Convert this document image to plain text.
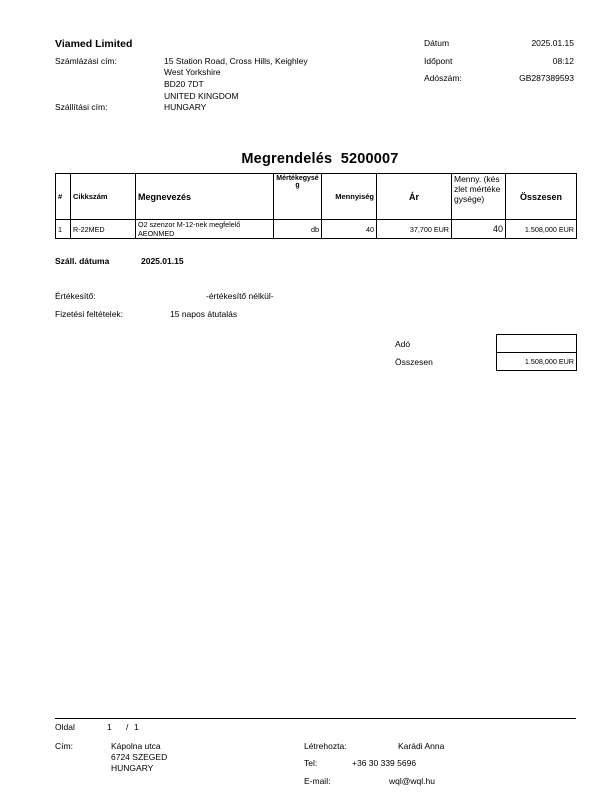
Viamed Limited
Számlázási cím:	15 Station Road, Cross Hills, Keighley
West Yorkshire
BD20 7DT
UNITED KINGDOM
Szállítási cím:	HUNGARY
Dátum	2025.01.15
Időpont	08:12
Adószám:	GB287389593
Megrendelés 5200007
#	Cikkszám	Megnevezés	Mértékegység	Mennyiség	Ár	Menny. (készlet mértékegysége)	Összesen
1	R-22MED	O2 szenzor M-12-nek megfelelő
AEONMED	db	40	37,700 EUR	40	1.508,000 EUR
Száll. dátuma	2025.01.15
Értékesítő:	-értékesítő nélkül-
Fizetési feltételek:	15 napos átutalás
Adó
Összesen	1.508,000 EUR
Oldal	1 / 1
Cím:	Kápolna utca
6724 SZEGED
HUNGARY
Létrehozta:	Karádi Anna
Tel:	+36 30 339 5696
E-mail:	wql@wql.hu
